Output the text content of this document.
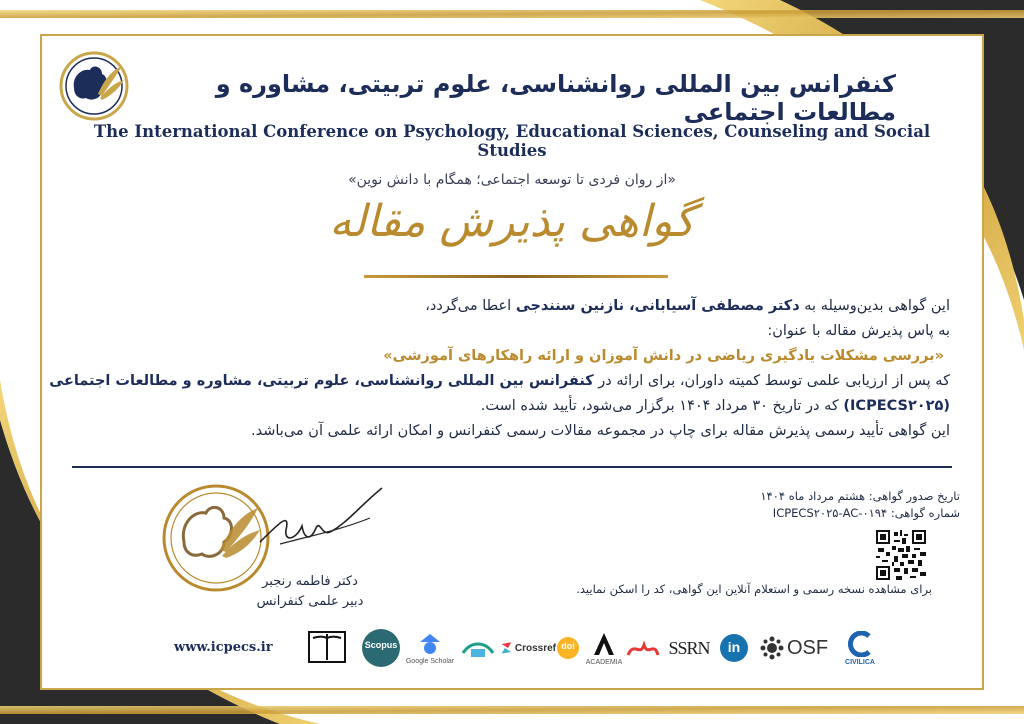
کنفرانس بین المللی روانشناسی، علوم تربیتی، مشاوره و مطالعات اجتماعی
The International Conference on Psychology, Educational Sciences, Counseling and Social Studies
«از روان فردی تا توسعه اجتماعی؛ همگام با دانش نوین»
گواهی پذیرش مقاله
این گواهی بدین‌وسیله به دکتر مصطفی آسیابانی، نازنین سنندجی اعطا می‌گردد،
به پاس پذیرش مقاله با عنوان:
«بررسی مشکلات یادگیری ریاضی در دانش آموزان و ارائه راهکارهای آموزشی»
که پس از ارزیابی علمی توسط کمیته داوران، برای ارائه در کنفرانس بین المللی روانشناسی، علوم تربیتی، مشاوره و مطالعات اجتماعی
(ICPECS۲۰۲۵) که در تاریخ ۳۰ مرداد ۱۴۰۴ برگزار می‌شود، تأیید شده است.
این گواهی تأیید رسمی پذیرش مقاله برای چاپ در مجموعه مقالات رسمی کنفرانس و امکان ارائه علمی آن می‌باشد.
تاریخ صدور گواهی: هشتم مرداد ماه ۱۴۰۴
شماره گواهی: ICPECS۲۰۲۵-AC-۰۱۹۴
برای مشاهده نسخه رسمی و استعلام آنلاین این گواهی، کد را اسکن نمایید.
دکتر فاطمه رنجبر
دبیر علمی کنفرانس
www.icpecs.ir	Scopus
Google Scholar
Crossref doi
ACADEMIA
SSRN in OSF
CIVILICA
